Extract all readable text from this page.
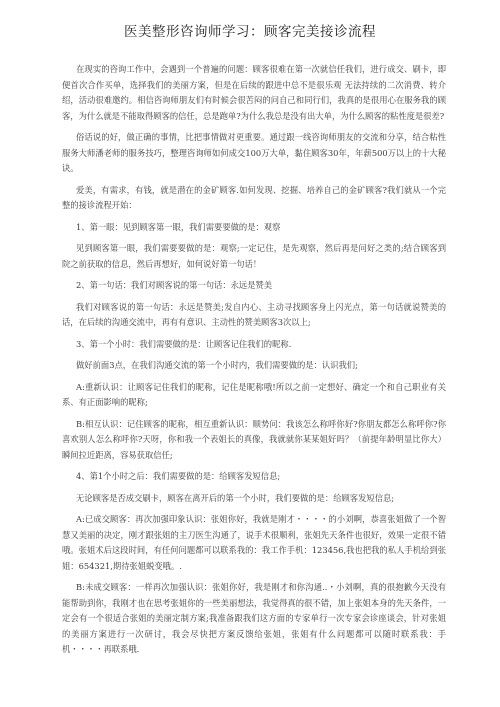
医美整形咨询师学习：顾客完美接诊流程

在现实的咨询工作中，会遇到一个普遍的问题：顾客很难在第一次就信任我们，进行成交、刷卡，即便首次合作买单，选择我们的美丽方案，但是在后续的跟进中总不是很乐观 无法持续的二次消费、转介绍，活动很难邀约。相信咨询师朋友们有时候会很苦闷的问自己和同行们，我真的是很用心在服务我的顾客，为什么就是不能取得顾客的信任，总是跑单?为什么我总是没有出大单，为什么顾客的粘性度是很差?

俗话说的好，做正确的事情，比把事情做对更重要。通过跟一线咨询师朋友的交流和分享，结合粘性服务大师潘老师的服务技巧，整理咨询师如何成交100万大单，黏住顾客30年，年薪500万以上的十大秘诀。

爱美，有需求，有钱，就是潜在的金矿顾客.如何发现、挖掘、培养自己的金矿顾客?我们就从一个完整的接诊流程开始：

1、第一眼：见到顾客第一眼，我们需要要做的是：观察

见到顾客第一眼，我们需要要做的是：观察;一定记住，是先观察，然后再是问好之类的;结合顾客到院之前获取的信息，然后再想好，如何说好第一句话！

2、第一句话：我们对顾客说的第一句话：永远是赞美

我们对顾客说的第一句话：永远是赞美;发自内心、主动寻找顾客身上闪光点，第一句话就说赞美的话，在后续的沟通交流中，再有有意识、主动性的赞美顾客3次以上;

3、第一个小时：我们需要做的是：让顾客记住我们的昵称.

做好前面3点，在我们沟通交流的第一个小时内，我们需要做的是：认识我们;

A:重新认识：让顾客记住我们的昵称，记住是昵称哦!所以之前一定想好、确定一个和自己职业有关系、有正面影响的昵称;

B:相互认识：记住顾客的昵称，相互重新认识：顺势问：我该怎么称呼你好?你朋友都怎么称呼你?你喜欢别人怎么称呼你?天呀，你和我一个表姐长的真像，我就就你某某姐好吗？（前提年龄明显比你大）瞬间拉近距离，容易获取信任;

4、第1个小时之后：我们需要做的是：给顾客发短信息;

无论顾客是否成交刷卡，顾客在离开后的第一个小时，我们要做的是：给顾客发短信息;

A:已成交顾客：再次加强印象认识：张姐你好，我就是刚才・・・・的小刘啊，恭喜张姐做了一个智慧又美丽的决定，刚才跟张姐的主刀医生沟通了，说手术很顺利，张姐先天条件也很好，效果一定很不错哦。张姐术后这段时间，有任何问题都可以联系我的：我工作手机：123456,我也把我的私人手机给到张姐：654321,期待张姐蜕变哦。.

B:未成交顾客：一样再次加强认识：张姐你好，我是刚才和你沟通..・小刘啊，真的很抱歉今天没有能帮助到你，我刚才也在思考张姐你的一些美丽想法，我觉得真的很不错，加上张姐本身的先天条件，一定会有一个很适合张姐的美丽定制方案;我准备跟我们这方面的专家单行一次专家会诊座谈会，针对张姐的美丽方案进行一次研讨，我会尽快把方案反馈给张姐，张姐有什么问题都可以随时联系我：手机・・・・再联系哦.
